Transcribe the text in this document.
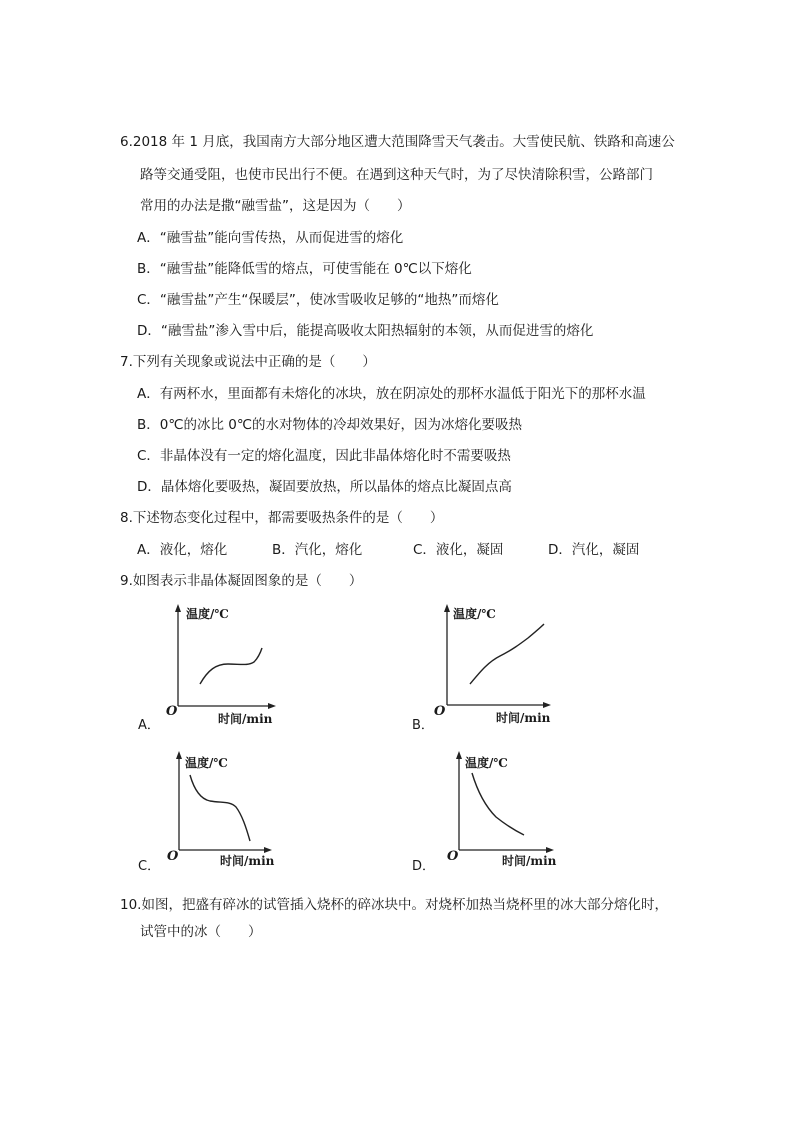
6.2018 年 1 月底，我国南方大部分地区遭大范围降雪天气袭击。大雪使民航、铁路和高速公
路等交通受阻，也使市民出行不便。在遇到这种天气时，为了尽快清除积雪，公路部门
常用的办法是撒“融雪盐”，这是因为（　　）
A．“融雪盐”能向雪传热，从而促进雪的熔化
B．“融雪盐”能降低雪的熔点，可使雪能在 0℃以下熔化
C．“融雪盐”产生“保暖层”，使冰雪吸收足够的“地热”而熔化
D．“融雪盐”渗入雪中后，能提高吸收太阳热辐射的本领，从而促进雪的熔化
7.下列有关现象或说法中正确的是（　　）
A．有两杯水，里面都有未熔化的冰块，放在阴凉处的那杯水温低于阳光下的那杯水温
B．0℃的冰比 0℃的水对物体的冷却效果好，因为冰熔化要吸热
C．非晶体没有一定的熔化温度，因此非晶体熔化时不需要吸热
D．晶体熔化要吸热，凝固要放热，所以晶体的熔点比凝固点高
8.下述物态变化过程中，都需要吸热条件的是（　　）
A．液化，熔化	B．汽化，熔化	C．液化，凝固	D．汽化，凝固
9.如图表示非晶体凝固图象的是（　　）
温度/℃
时间/min
O
A．
温度/℃
时间/min
O
B．
温度/℃
时间/min
O
C．
温度/℃
时间/min
O
D．
10.如图，把盛有碎冰的试管插入烧杯的碎冰块中。对烧杯加热当烧杯里的冰大部分熔化时，
试管中的冰（　　）
